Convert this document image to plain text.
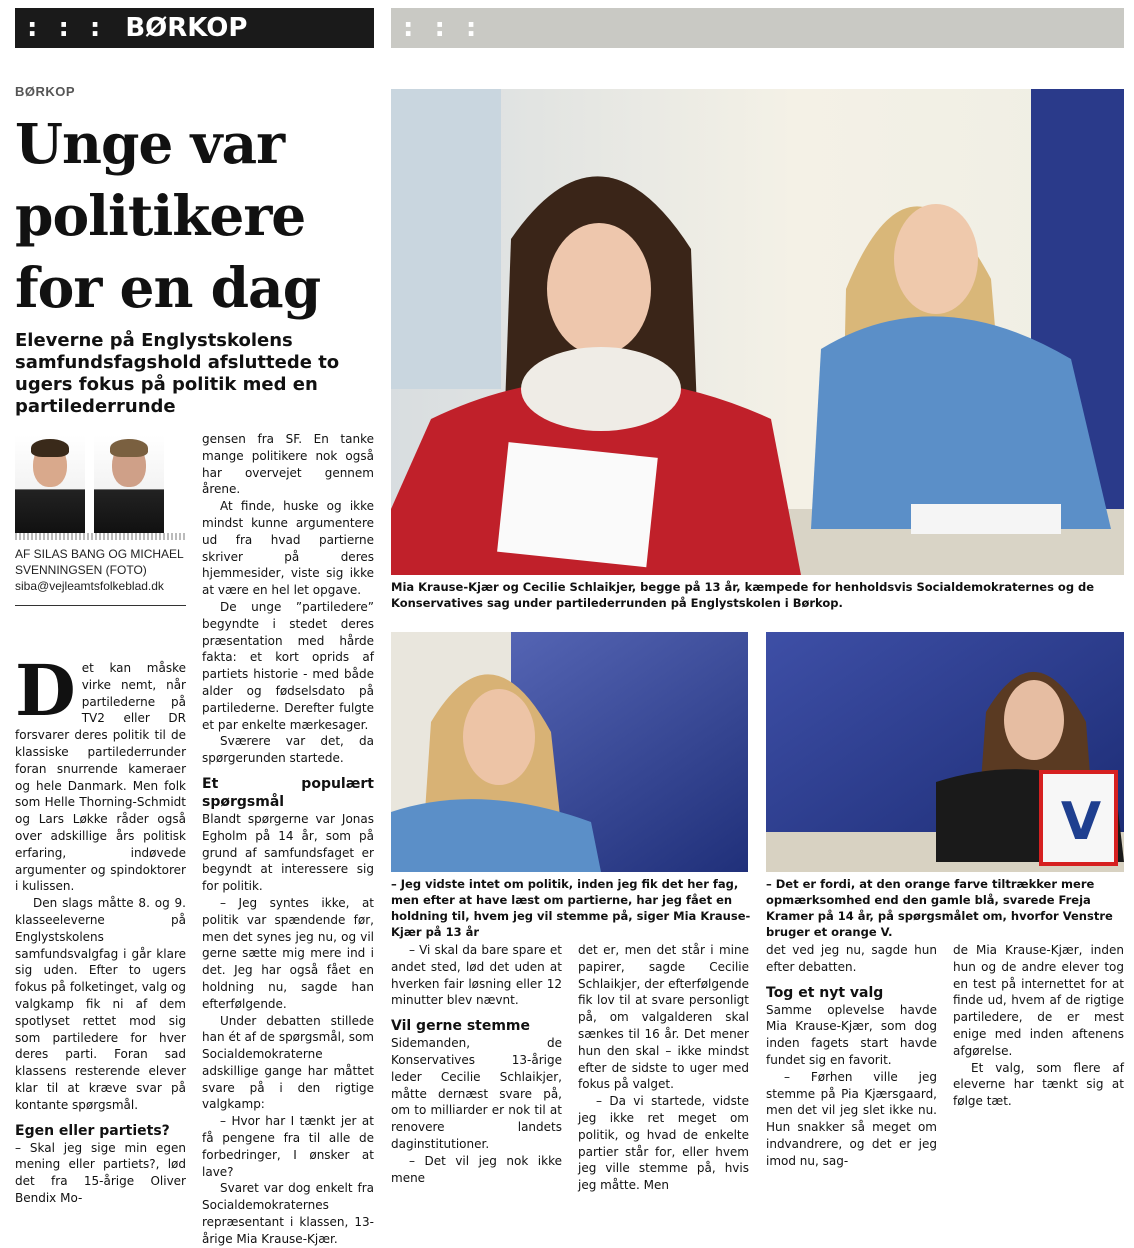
: : : BØRKOP	: : :
BØRKOP
Unge var politikere for en dag
Eleverne på Englystskolens samfundsfagshold afsluttede to ugers fokus på politik med en partilederrunde
AF SILAS BANG OG MICHAEL SVENNINGSEN (FOTO)
siba@vejleamtsfolkeblad.dk

Det kan måske virke nemt, når partilederne på TV2 eller DR forsvarer deres politik til de klassiske partilederrunder foran snurrende kameraer og hele Danmark. Men folk som Helle Thorning-Schmidt og Lars Løkke råder også over adskillige års politisk erfaring, indøvede argumenter og spindoktorer i kulissen.

Den slags måtte 8. og 9. klasseeleverne på Englystskolens samfundsvalgfag i går klare sig uden. Efter to ugers fokus på folketinget, valg og valgkamp fik ni af dem spotlyset rettet mod sig som partiledere for hver deres parti. Foran sad klassens resterende elever klar til at kræve svar på kontante spørgsmål.

Egen eller partiets?

– Skal jeg sige min egen mening eller partiets?, lød det fra 15-årige Oliver Bendix Mo-

gensen fra SF. En tanke mange politikere nok også har overvejet gennem årene.

At finde, huske og ikke mindst kunne argumentere ud fra hvad partierne skriver på deres hjemmesider, viste sig ikke at være en hel let opgave.

De unge ”partiledere” begyndte i stedet deres præsentation med hårde fakta: et kort oprids af partiets historie - med både alder og fødselsdato på partilederne. Derefter fulgte et par enkelte mærkesager.

Sværere var det, da spørgerunden startede.

Et populært spørgsmål

Blandt spørgerne var Jonas Egholm på 14 år, som på grund af samfundsfaget er begyndt at interessere sig for politik.

– Jeg syntes ikke, at politik var spændende før, men det synes jeg nu, og vil gerne sætte mig mere ind i det. Jeg har også fået en holdning nu, sagde han efterfølgende.

Under debatten stillede han ét af de spørgsmål, som Socialdemokraterne adskillige gange har måttet svare på i den rigtige valgkamp:

– Hvor har I tænkt jer at få pengene fra til alle de forbedringer, I ønsker at lave?

Svaret var dog enkelt fra Socialdemokraternes repræsentant i klassen, 13-årige Mia Krause-Kjær.

Mia Krause-Kjær og Cecilie Schlaikjer, begge på 13 år, kæmpede for henholdsvis Socialdemokraternes og de Konservatives sag under partilederrunden på Englystskolen i Børkop.
– Jeg vidste intet om politik, inden jeg fik det her fag, men efter at have læst om partierne, har jeg fået en holdning til, hvem jeg vil stemme på, siger Mia Krause-Kjær på 13 år
V
– Det er fordi, at den orange farve tiltrækker mere opmærksomhed end den gamle blå, svarede Freja Kramer på 14 år, på spørgsmålet om, hvorfor Venstre bruger et orange V.

– Vi skal da bare spare et andet sted, lød det uden at hverken fair løsning eller 12 minutter blev nævnt.

Vil gerne stemme

Sidemanden, de Konservatives 13-årige leder Cecilie Schlaikjer, måtte dernæst svare på, om to milliarder er nok til at renovere landets daginstitutioner.

– Det vil jeg nok ikke mene

det er, men det står i mine papirer, sagde Cecilie Schlaikjer, der efterfølgende fik lov til at svare personligt på, om valgalderen skal sænkes til 16 år. Det mener hun den skal – ikke mindst efter de sidste to uger med fokus på valget.

– Da vi startede, vidste jeg ikke ret meget om politik, og hvad de enkelte partier står for, eller hvem jeg ville stemme på, hvis jeg måtte. Men

det ved jeg nu, sagde hun efter debatten.

Tog et nyt valg

Samme oplevelse havde Mia Krause-Kjær, som dog inden fagets start havde fundet sig en favorit.

– Førhen ville jeg stemme på Pia Kjærsgaard, men det vil jeg slet ikke nu. Hun snakker så meget om indvandrere, og det er jeg imod nu, sag-

de Mia Krause-Kjær, inden hun og de andre elever tog en test på internettet for at finde ud, hvem af de rigtige partiledere, de er mest enige med inden aftenens afgørelse.

Et valg, som flere af eleverne har tænkt sig at følge tæt.
